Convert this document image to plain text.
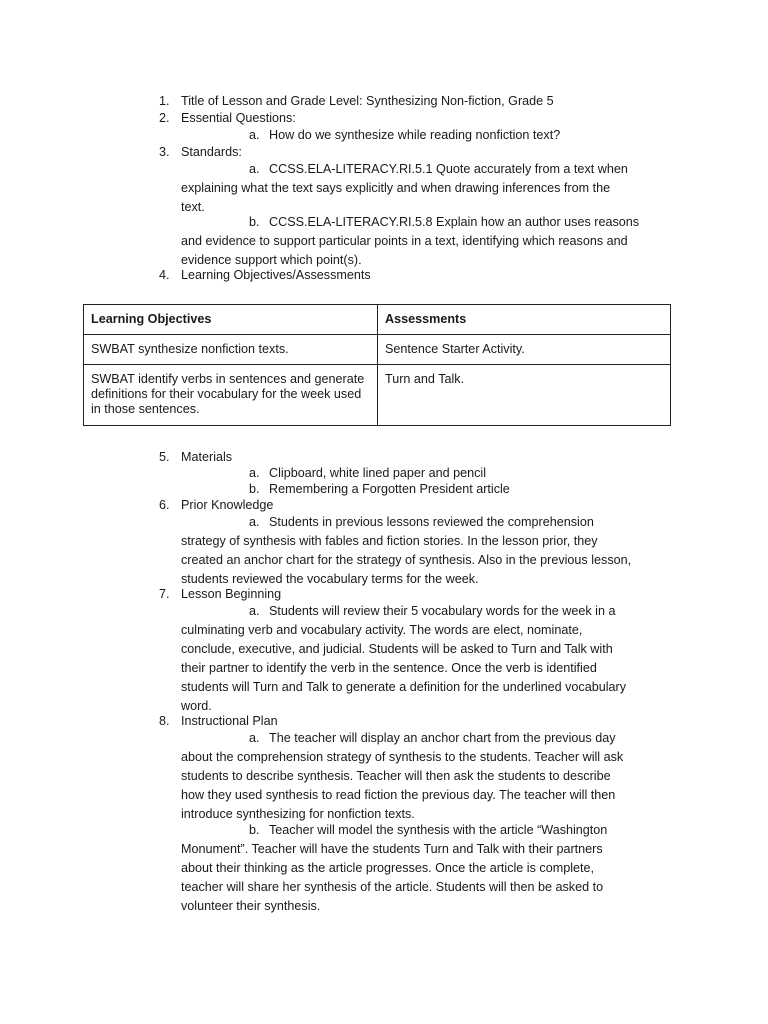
1. Title of Lesson and Grade Level: Synthesizing Non-fiction, Grade 5
2. Essential Questions:
a. How do we synthesize while reading nonfiction text?
3. Standards:
a. CCSS.ELA-LITERACY.RI.5.1 Quote accurately from a text when
explaining what the text says explicitly and when drawing inferences from the
text.
b. CCSS.ELA-LITERACY.RI.5.8 Explain how an author uses reasons
and evidence to support particular points in a text, identifying which reasons and
evidence support which point(s).
4. Learning Objectives/Assessments
Learning Objectives	Assessments
SWBAT synthesize nonfiction texts.	Sentence Starter Activity.
SWBAT identify verbs in sentences and generate definitions for their vocabulary for the week used in those sentences.	Turn and Talk.
5. Materials
a. Clipboard, white lined paper and pencil
b. Remembering a Forgotten President article
6. Prior Knowledge
a. Students in previous lessons reviewed the comprehension
strategy of synthesis with fables and fiction stories. In the lesson prior, they
created an anchor chart for the strategy of synthesis. Also in the previous lesson,
students reviewed the vocabulary terms for the week.
7. Lesson Beginning
a. Students will review their 5 vocabulary words for the week in a
culminating verb and vocabulary activity. The words are elect, nominate,
conclude, executive, and judicial. Students will be asked to Turn and Talk with
their partner to identify the verb in the sentence. Once the verb is identified
students will Turn and Talk to generate a definition for the underlined vocabulary
word.
8. Instructional Plan
a. The teacher will display an anchor chart from the previous day
about the comprehension strategy of synthesis to the students. Teacher will ask
students to describe synthesis. Teacher will then ask the students to describe
how they used synthesis to read fiction the previous day. The teacher will then
introduce synthesizing for nonfiction texts.
b. Teacher will model the synthesis with the article “Washington
Monument”. Teacher will have the students Turn and Talk with their partners
about their thinking as the article progresses. Once the article is complete,
teacher will share her synthesis of the article. Students will then be asked to
volunteer their synthesis.
